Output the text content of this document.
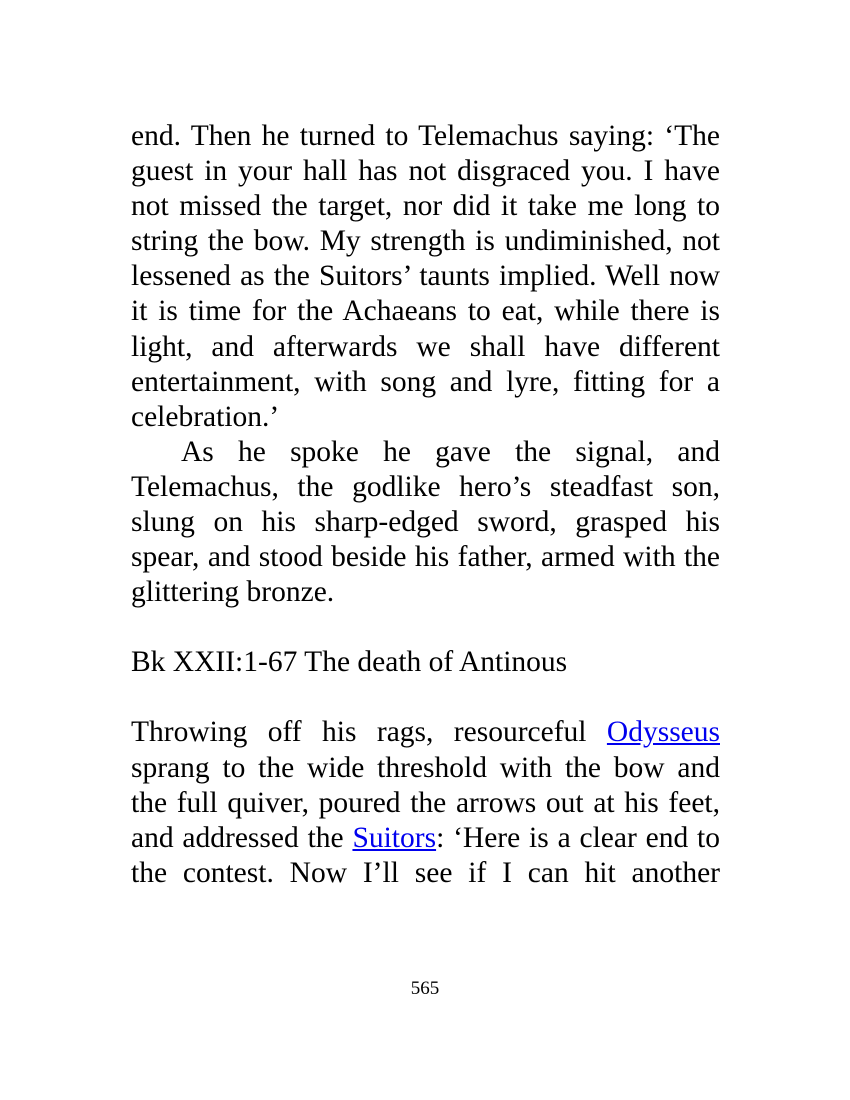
end. Then he turned to Telemachus saying: ‘The guest in your hall has not disgraced you. I have not missed the target, nor did it take me long to string the bow. My strength is undiminished, not lessened as the Suitors’ taunts implied. Well now it is time for the Achaeans to eat, while there is light, and afterwards we shall have different entertainment, with song and lyre, fitting for a celebration.’

As he spoke he gave the signal, and Telemachus, the godlike hero’s steadfast son, slung on his sharp-edged sword, grasped his spear, and stood beside his father, armed with the glittering bronze.

Bk XXII:1-67 The death of Antinous

Throwing off his rags, resourceful Odysseus sprang to the wide threshold with the bow and the full quiver, poured the arrows out at his feet, and addressed the Suitors: ‘Here is a clear end to the contest. Now I’ll see if I can hit another

565
